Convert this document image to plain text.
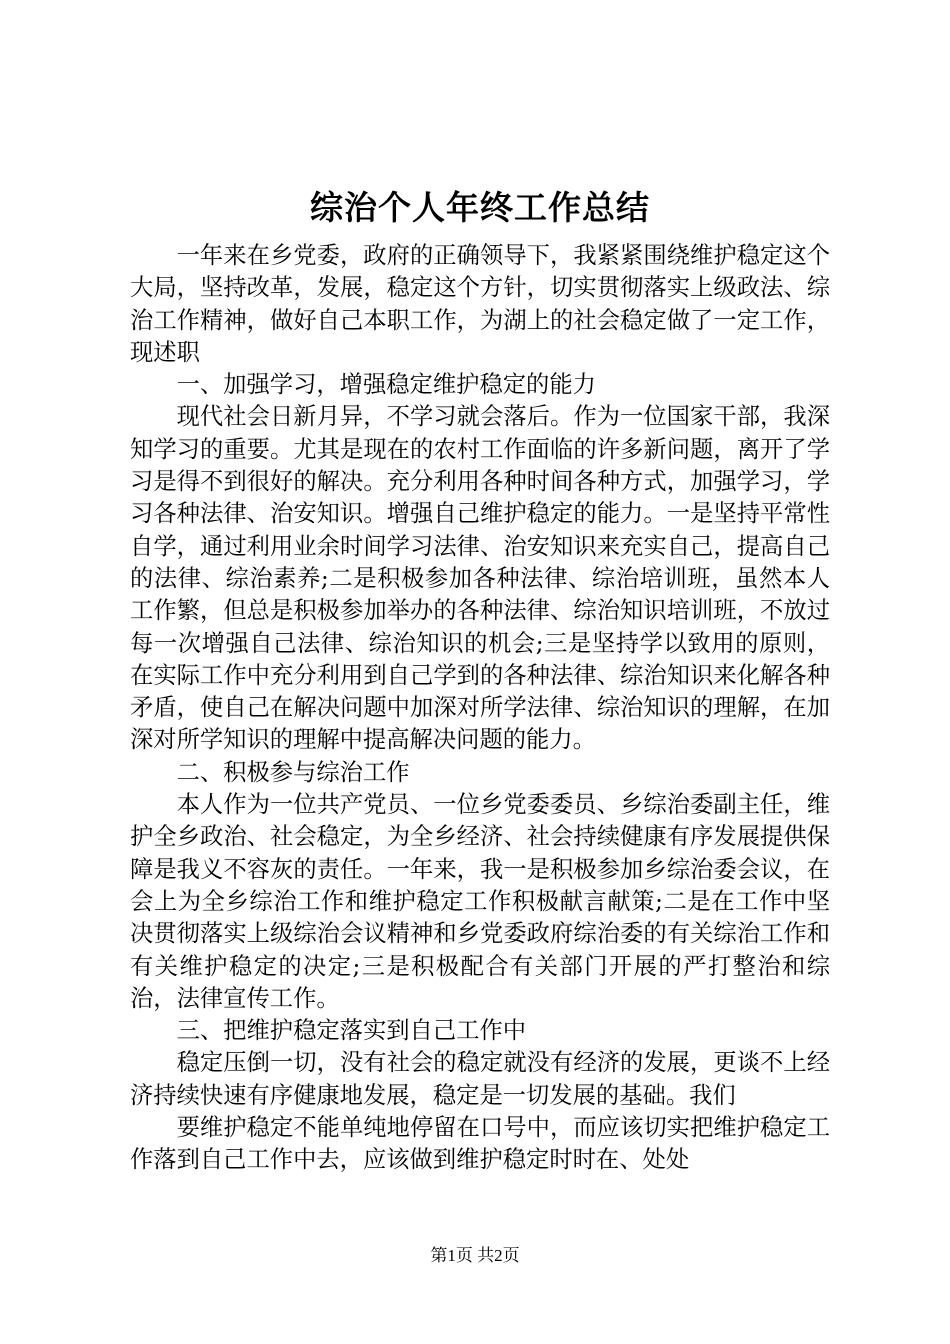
综治个人年终工作总结

一年来在乡党委，政府的正确领导下，我紧紧围绕维护稳定这个大局，坚持改革，发展，稳定这个方针，切实贯彻落实上级政法、综治工作精神，做好自己本职工作，为湖上的社会稳定做了一定工作，现述职

一、加强学习，增强稳定维护稳定的能力

现代社会日新月异，不学习就会落后。作为一位国家干部，我深知学习的重要。尤其是现在的农村工作面临的许多新问题，离开了学习是得不到很好的解决。充分利用各种时间各种方式，加强学习，学习各种法律、治安知识。增强自己维护稳定的能力。一是坚持平常性自学，通过利用业余时间学习法律、治安知识来充实自己，提高自己的法律、综治素养;二是积极参加各种法律、综治培训班，虽然本人工作繁，但总是积极参加举办的各种法律、综治知识培训班，不放过每一次增强自己法律、综治知识的机会;三是坚持学以致用的原则，在实际工作中充分利用到自己学到的各种法律、综治知识来化解各种矛盾，使自己在解决问题中加深对所学法律、综治知识的理解，在加深对所学知识的理解中提高解决问题的能力。

二、积极参与综治工作

本人作为一位共产党员、一位乡党委委员、乡综治委副主任，维护全乡政治、社会稳定，为全乡经济、社会持续健康有序发展提供保障是我义不容灰的责任。一年来，我一是积极参加乡综治委会议，在会上为全乡综治工作和维护稳定工作积极献言献策;二是在工作中坚决贯彻落实上级综治会议精神和乡党委政府综治委的有关综治工作和有关维护稳定的决定;三是积极配合有关部门开展的严打整治和综治，法律宣传工作。

三、把维护稳定落实到自己工作中

稳定压倒一切，没有社会的稳定就没有经济的发展，更谈不上经济持续快速有序健康地发展，稳定是一切发展的基础。我们

要维护稳定不能单纯地停留在口号中，而应该切实把维护稳定工作落到自己工作中去，应该做到维护稳定时时在、处处

第1页 共2页
